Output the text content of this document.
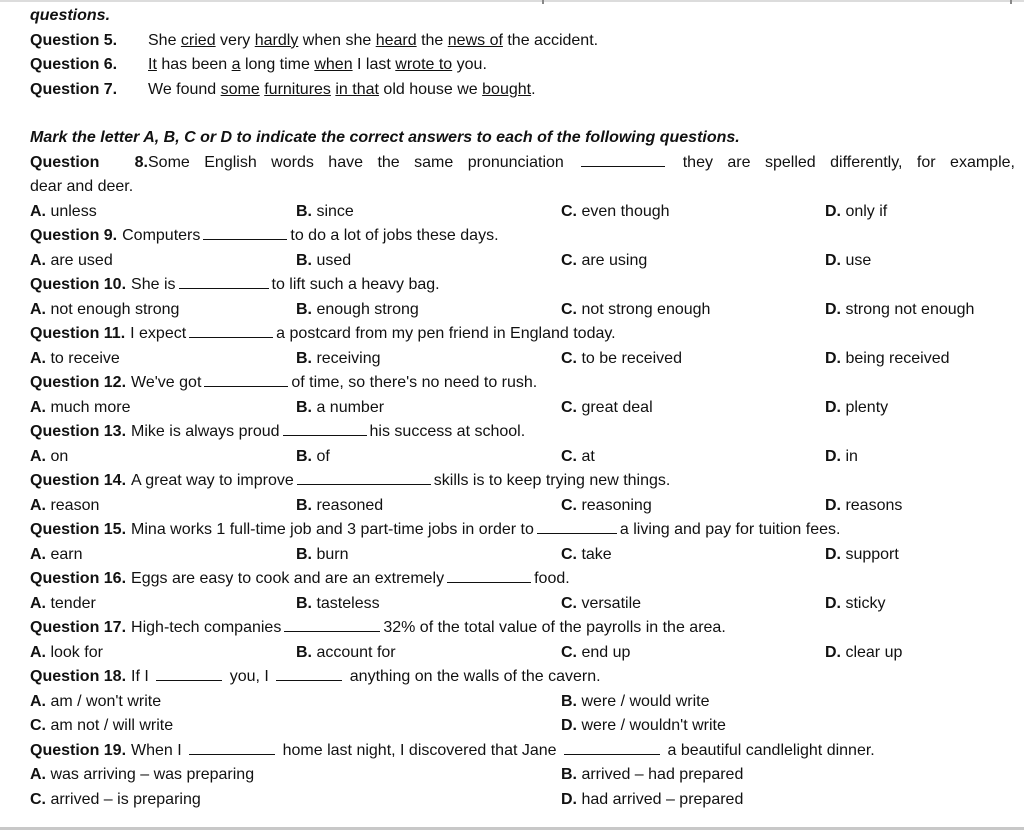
questions.
Question 5. She cried very hardly when she heard the news of the accident.
Question 6. It has been a long time when I last wrote to you.
Question 7. We found some furnitures in that old house we bought.
Mark the letter A, B, C or D to indicate the correct answers to each of the following questions.
Question 8.Some English words have the same pronunciation	they are spelled differently, for example,
dear and deer.
A. unless	B. since	C. even though	D. only if
Question 9. Computers	to do a lot of jobs these days.
A. are used	B. used	C. are using	D. use
Question 10. She is	to lift such a heavy bag.
A. not enough strong	B. enough strong	C. not strong enough	D. strong not enough
Question 11. I expect	a postcard from my pen friend in England today.
A. to receive	B. receiving	C. to be received	D. being received
Question 12. We've got	of time, so there's no need to rush.
A. much more	B. a number	C. great deal	D. plenty
Question 13. Mike is always proud	his success at school.
A. on	B. of	C. at	D. in
Question 14. A great way to improve	skills is to keep trying new things.
A. reason	B. reasoned	C. reasoning	D. reasons
Question 15. Mina works 1 full-time job and 3 part-time jobs in order to	a living and pay for tuition fees.
A. earn	B. burn	C. take	D. support
Question 16. Eggs are easy to cook and are an extremely	food.
A. tender	B. tasteless	C. versatile	D. sticky
Question 17. High-tech companies	32% of the total value of the payrolls in the area.
A. look for	B. account for	C. end up	D. clear up
Question 18. If I	you, I	anything on the walls of the cavern.
A. am / won't write	B. were / would write
C. am not / will write	D. were / wouldn't write
Question 19. When I	home last night, I discovered that Jane	a beautiful candlelight dinner.
A. was arriving – was preparing	B. arrived – had prepared
C. arrived – is preparing	D. had arrived – prepared
